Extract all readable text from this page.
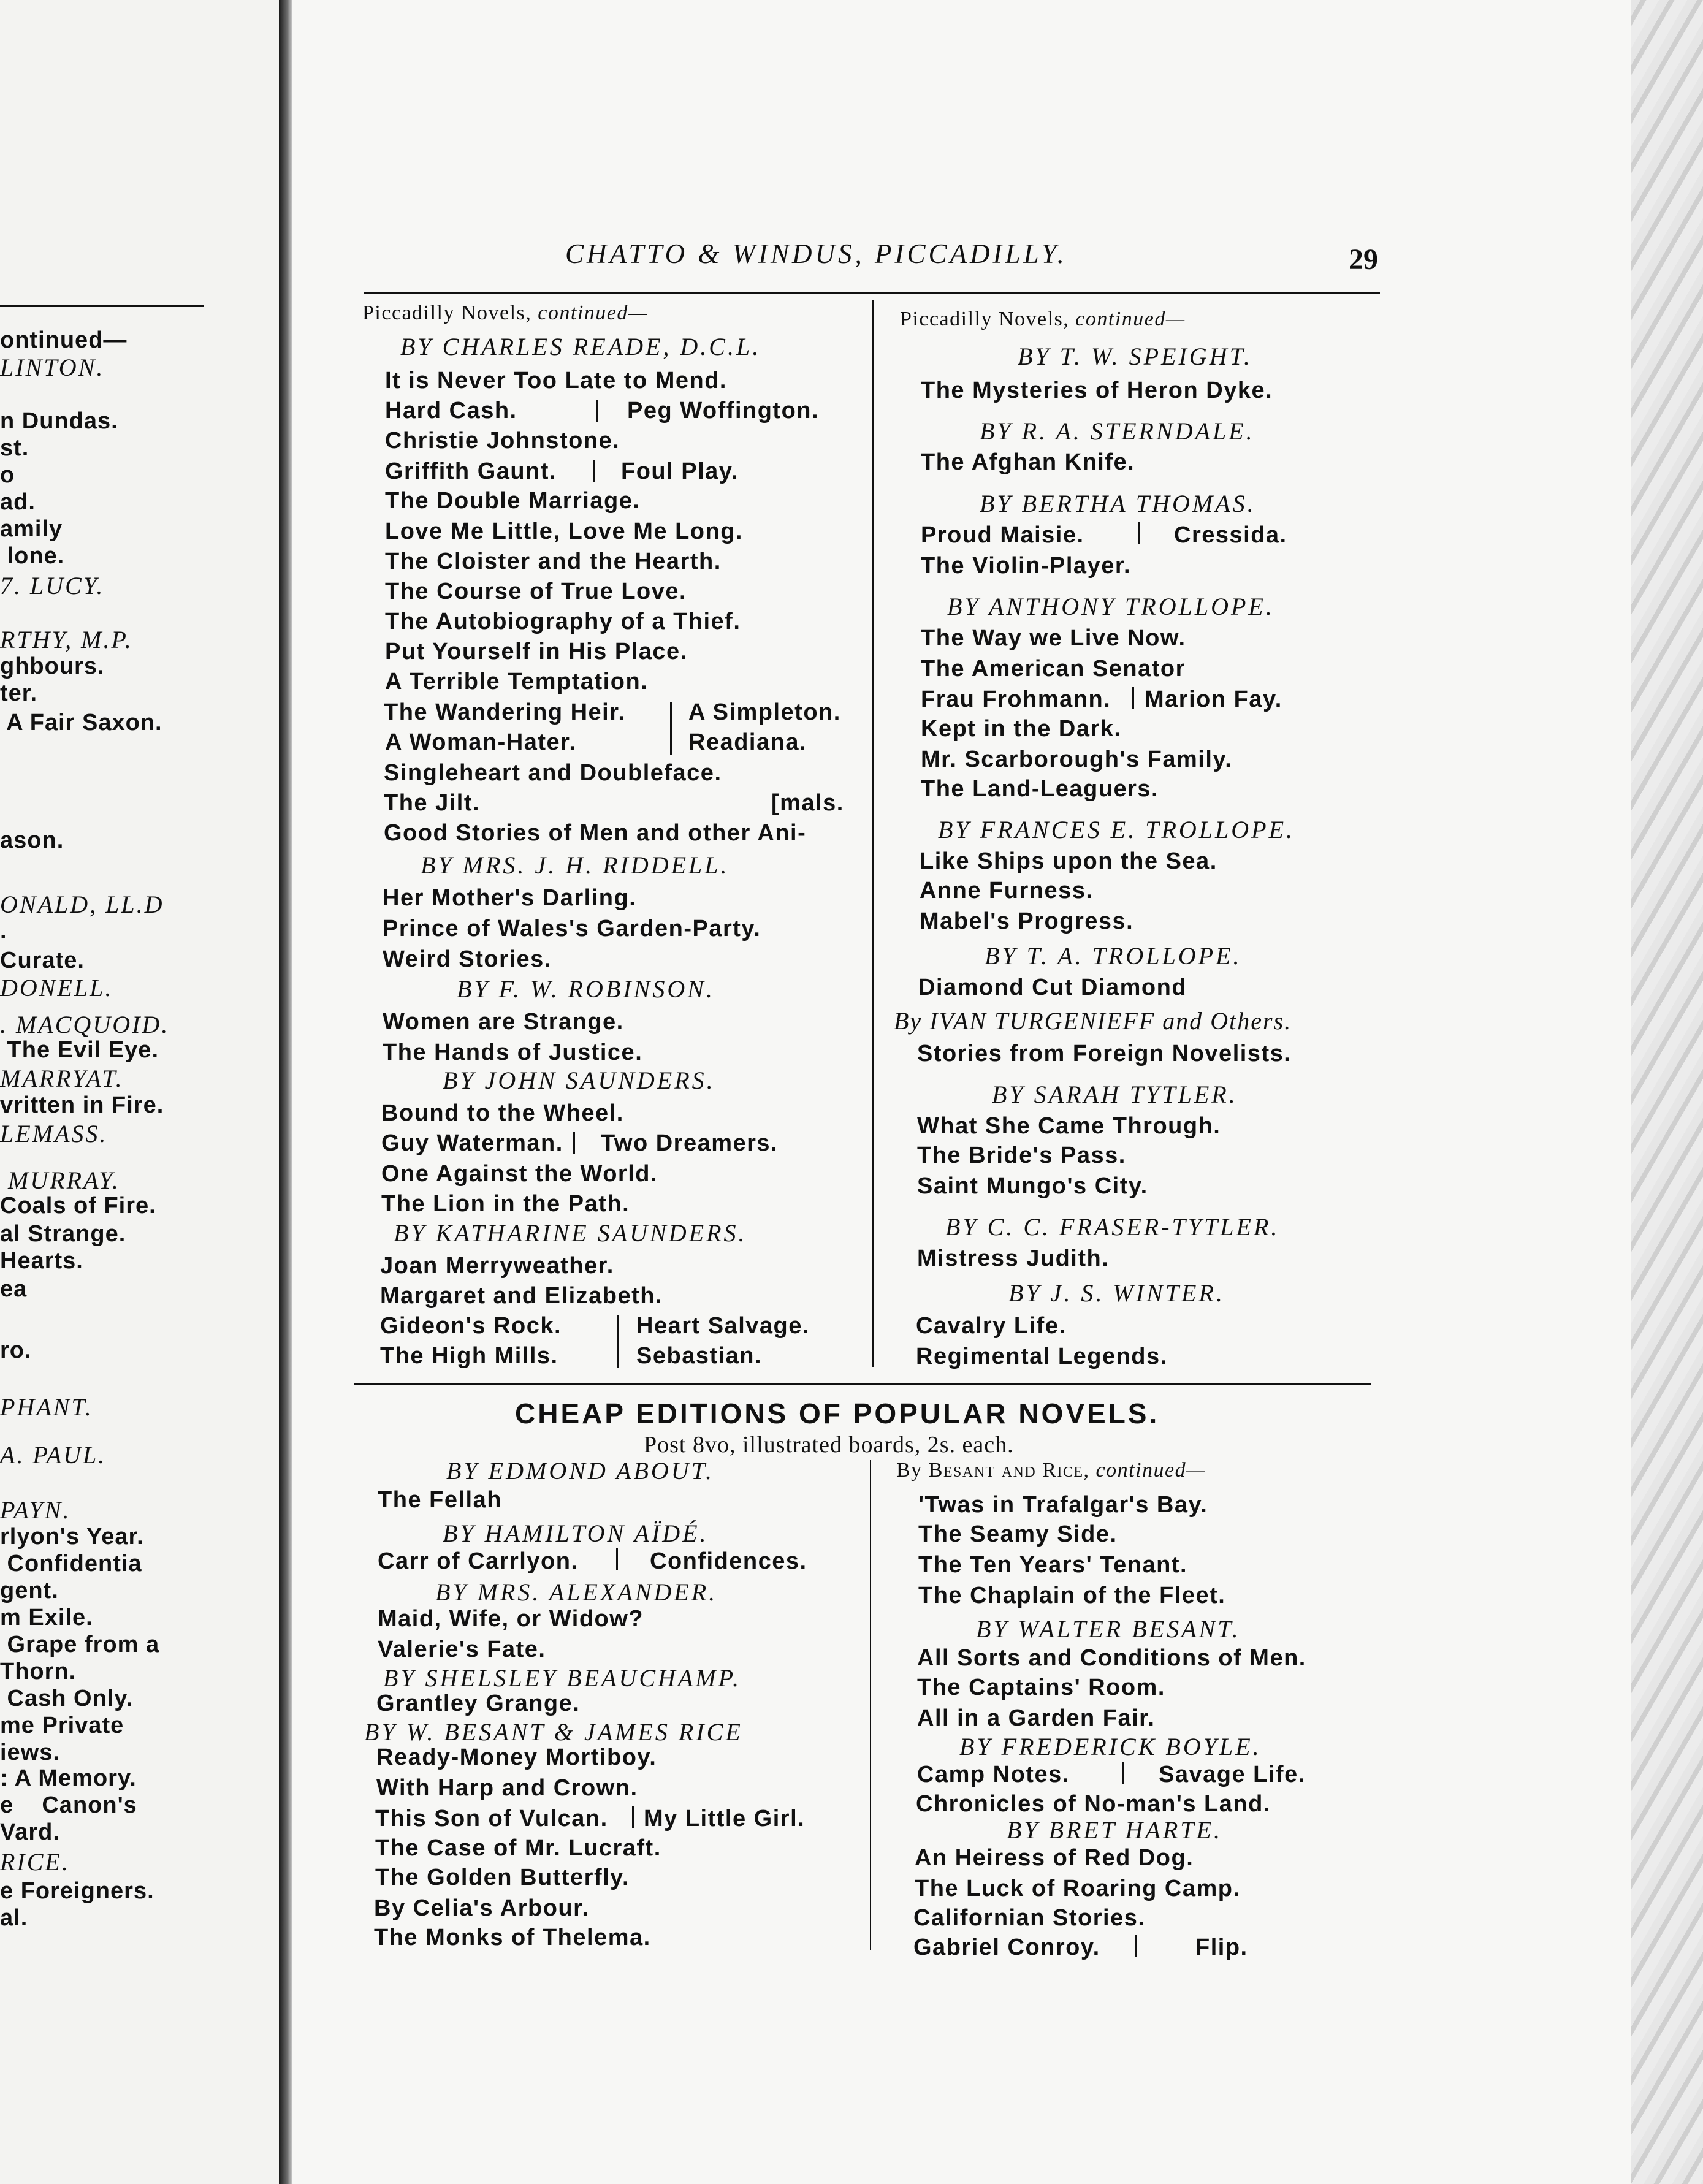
CHATTO & WINDUS, PICCADILLY.	29
ontinued—
LINTON.
n Dundas.
st.
o
ad.
amily
lone.
7. LUCY.
RTHY, M.P.
ghbours.
ter.
A Fair Saxon.
ason.
ONALD, LL.D
.
Curate.
DONELL.
. MACQUOID.
The Evil Eye.
MARRYAT.
vritten in Fire.
LEMASS.
MURRAY.
Coals of Fire.
al Strange.
Hearts.
ea
ro.
PHANT.
A. PAUL.
PAYN.
rlyon's Year.
Confidentia
gent.
m Exile.
Grape from a
Thorn.
Cash Only.
me Private
iews.
: A Memory.
e    Canon's
Vard.
RICE.
e Foreigners.
al.
Piccadilly Novels, continued—
BY CHARLES READE, D.C.L.
It is Never Too Late to Mend.
Hard Cash.	Peg Woffington.
Christie Johnstone.
Griffith Gaunt.	Foul Play.
The Double Marriage.
Love Me Little, Love Me Long.
The Cloister and the Hearth.
The Course of True Love.
The Autobiography of a Thief.
Put Yourself in His Place.
A Terrible Temptation.
The Wandering Heir.	A Simpleton.
A Woman-Hater.	Readiana.
Singleheart and Doubleface.
The Jilt.	[mals.
Good Stories of Men and other Ani-
BY MRS. J. H. RIDDELL.
Her Mother's Darling.
Prince of Wales's Garden-Party.
Weird Stories.
BY F. W. ROBINSON.
Women are Strange.
The Hands of Justice.
BY JOHN SAUNDERS.
Bound to the Wheel.
Guy Waterman. Two Dreamers.
One Against the World.
The Lion in the Path.
BY KATHARINE SAUNDERS.
Joan Merryweather.
Margaret and Elizabeth.
Gideon's Rock.	Heart Salvage.
The High Mills.	Sebastian.
Piccadilly Novels, continued—
BY T. W. SPEIGHT.
The Mysteries of Heron Dyke.
BY R. A. STERNDALE.
The Afghan Knife.
BY BERTHA THOMAS.
Proud Maisie.	Cressida.
The Violin-Player.
BY ANTHONY TROLLOPE.
The Way we Live Now.
The American Senator
Frau Frohmann. Marion Fay.
Kept in the Dark.
Mr. Scarborough's Family.
The Land-Leaguers.
BY FRANCES E. TROLLOPE.
Like Ships upon the Sea.
Anne Furness.
Mabel's Progress.
BY T. A. TROLLOPE.
Diamond Cut Diamond
By IVAN TURGENIEFF and Others.
Stories from Foreign Novelists.
BY SARAH TYTLER.
What She Came Through.
The Bride's Pass.
Saint Mungo's City.
BY C. C. FRASER-TYTLER.
Mistress Judith.
BY J. S. WINTER.
Cavalry Life.
Regimental Legends.
CHEAP EDITIONS OF POPULAR NOVELS.
Post 8vo, illustrated boards, 2s. each.
BY EDMOND ABOUT.
The Fellah
BY HAMILTON AÏDÉ.
Carr of Carrlyon.	Confidences.
BY MRS. ALEXANDER.
Maid, Wife, or Widow?
Valerie's Fate.
BY SHELSLEY BEAUCHAMP.
Grantley Grange.
BY W. BESANT & JAMES RICE
Ready-Money Mortiboy.
With Harp and Crown.
This Son of Vulcan. My Little Girl.
The Case of Mr. Lucraft.
The Golden Butterfly.
By Celia's Arbour.
The Monks of Thelema.
By Besant and Rice, continued—
'Twas in Trafalgar's Bay.
The Seamy Side.
The Ten Years' Tenant.
The Chaplain of the Fleet.
BY WALTER BESANT.
All Sorts and Conditions of Men.
The Captains' Room.
All in a Garden Fair.
BY FREDERICK BOYLE.
Camp Notes.	Savage Life.
Chronicles of No-man's Land.
BY BRET HARTE.
An Heiress of Red Dog.
The Luck of Roaring Camp.
Californian Stories.
Gabriel Conroy.	Flip.
